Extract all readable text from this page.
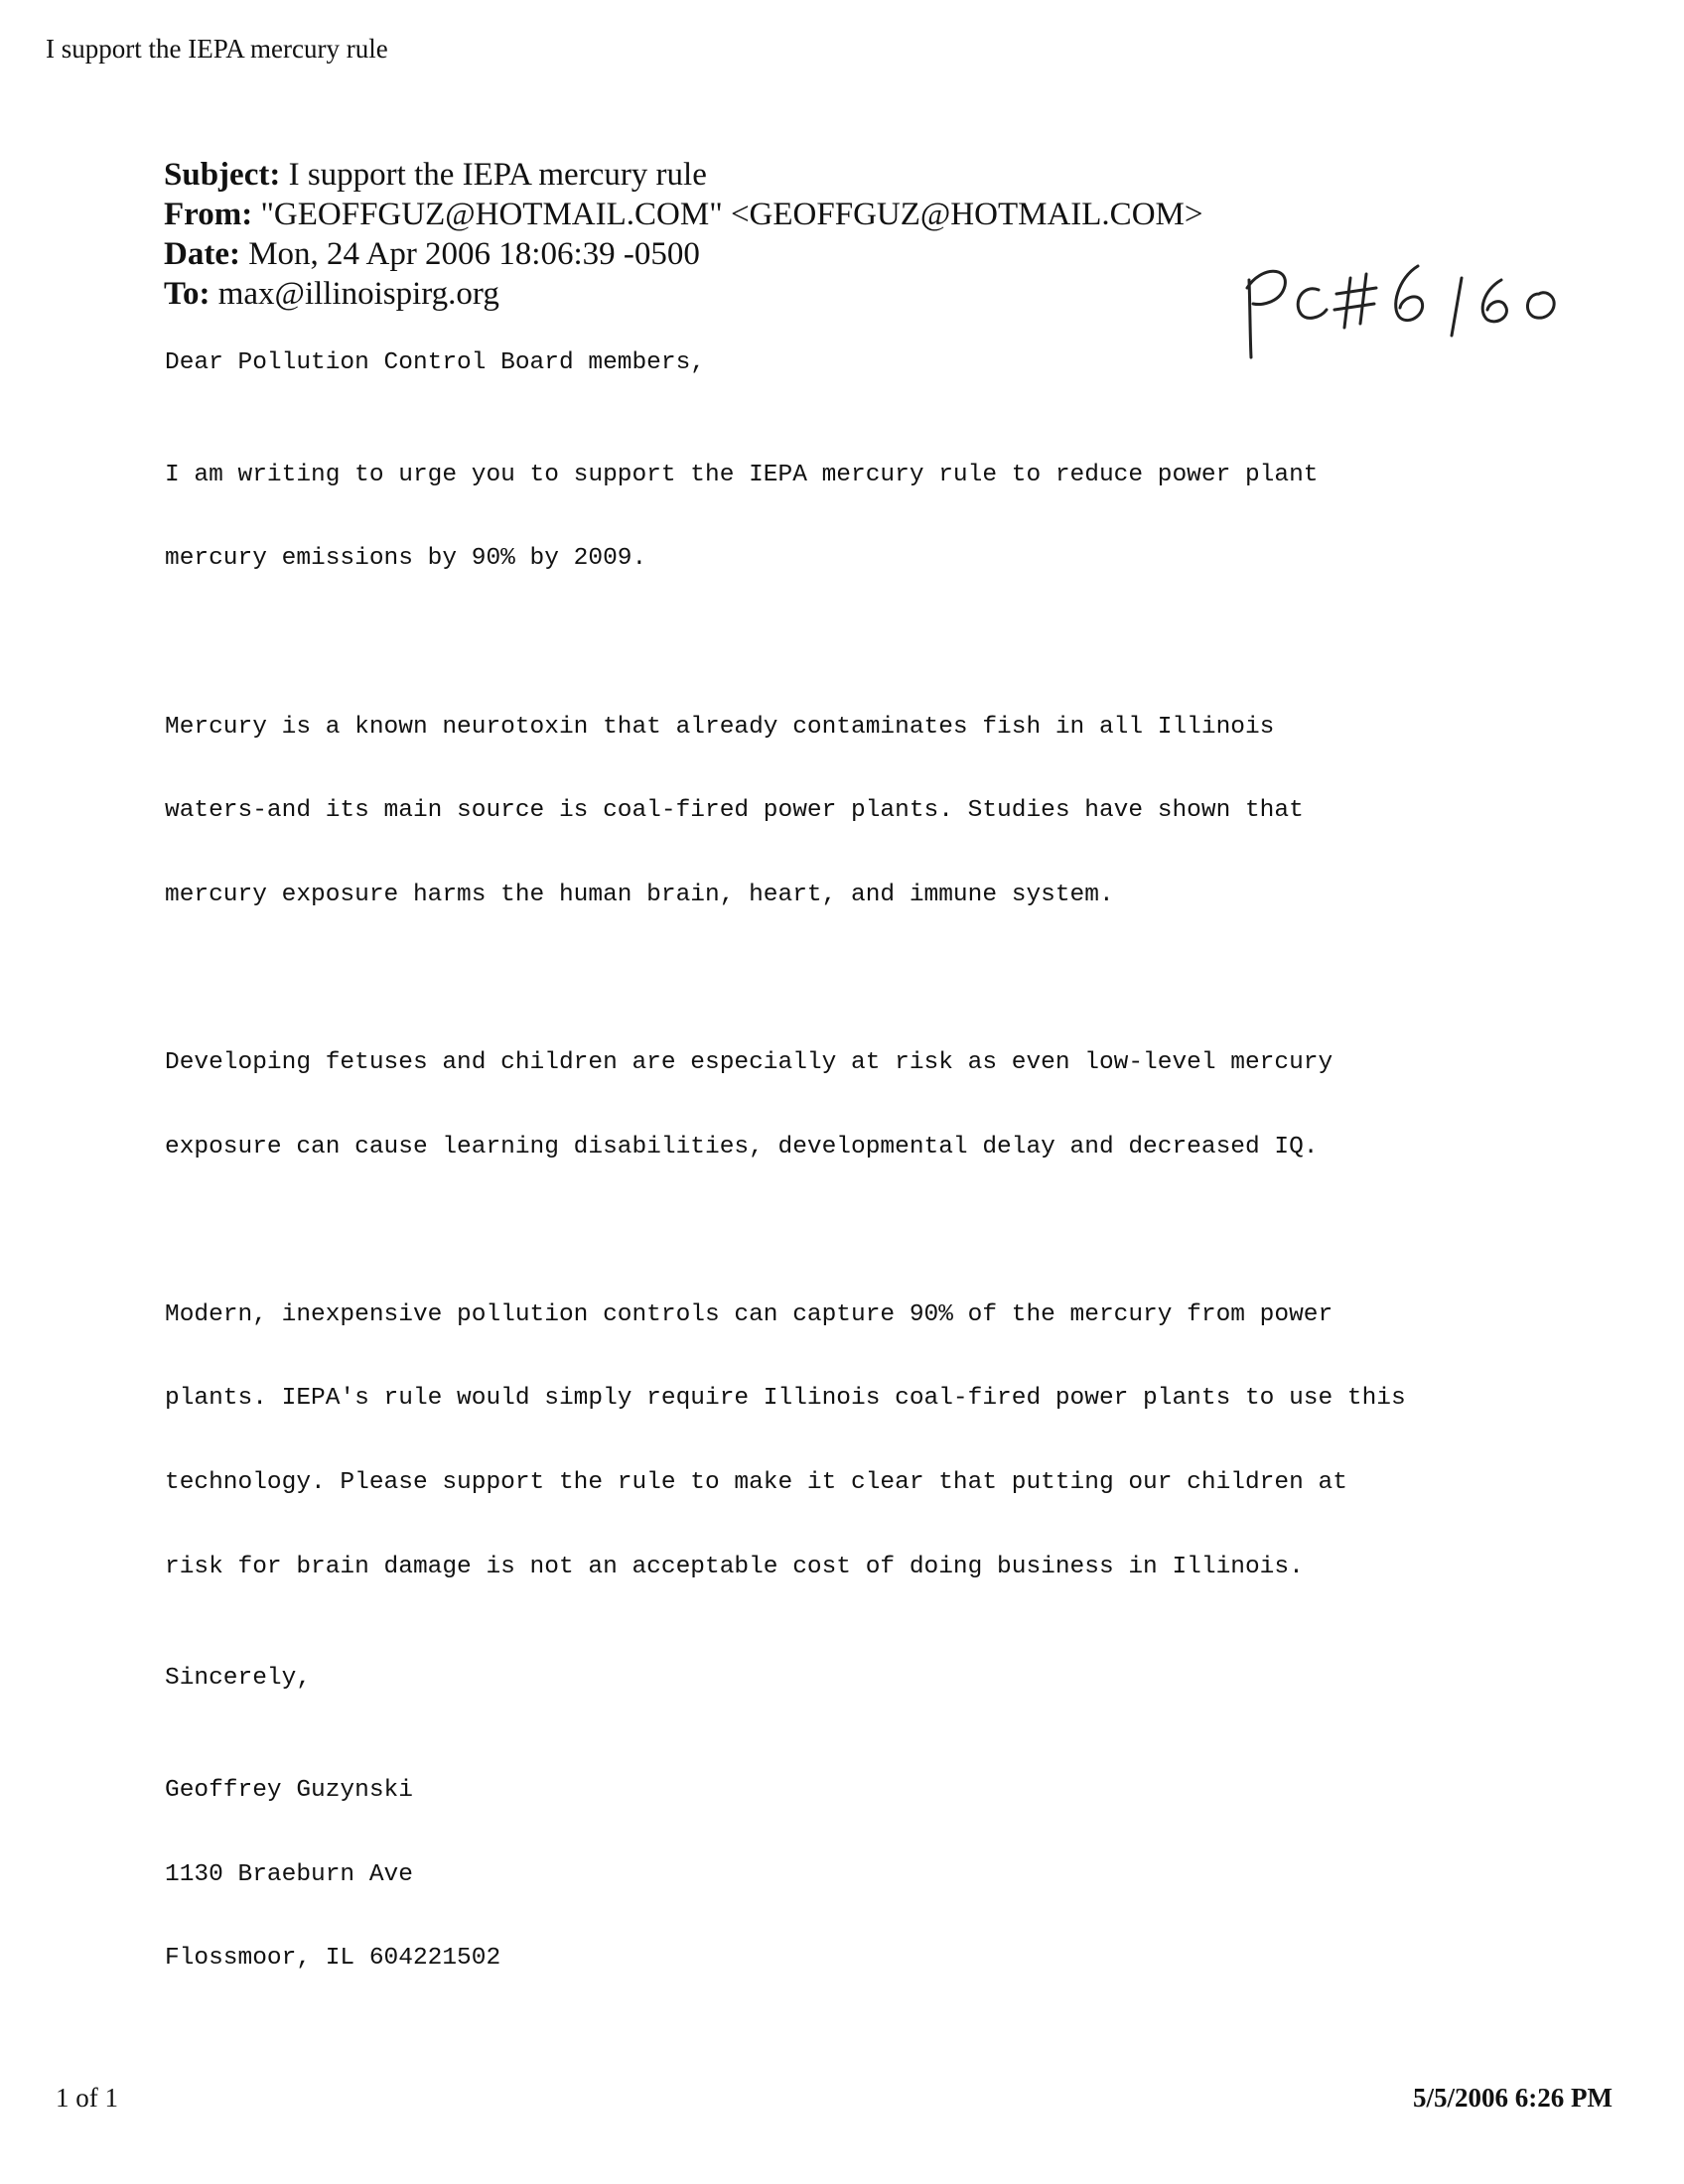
I support the IEPA mercury rule
Subject: I support the IEPA mercury rule
From: "GEOFFGUZ@HOTMAIL.COM" <GEOFFGUZ@HOTMAIL.COM>
Date: Mon, 24 Apr 2006 18:06:39 -0500
To: max@illinoispirg.org
Dear Pollution Control Board members,

I am writing to urge you to support the IEPA mercury rule to reduce power plant

mercury emissions by 90% by 2009.

Mercury is a known neurotoxin that already contaminates fish in all Illinois

waters-and its main source is coal-fired power plants. Studies have shown that

mercury exposure harms the human brain, heart, and immune system.

Developing fetuses and children are especially at risk as even low-level mercury

exposure can cause learning disabilities, developmental delay and decreased IQ.

Modern, inexpensive pollution controls can capture 90% of the mercury from power

plants. IEPA's rule would simply require Illinois coal-fired power plants to use this

technology. Please support the rule to make it clear that putting our children at

risk for brain damage is not an acceptable cost of doing business in Illinois.

Sincerely,

Geoffrey Guzynski

1130 Braeburn Ave

Flossmoor, IL 604221502

1 of 1	5/5/2006 6:26 PM
